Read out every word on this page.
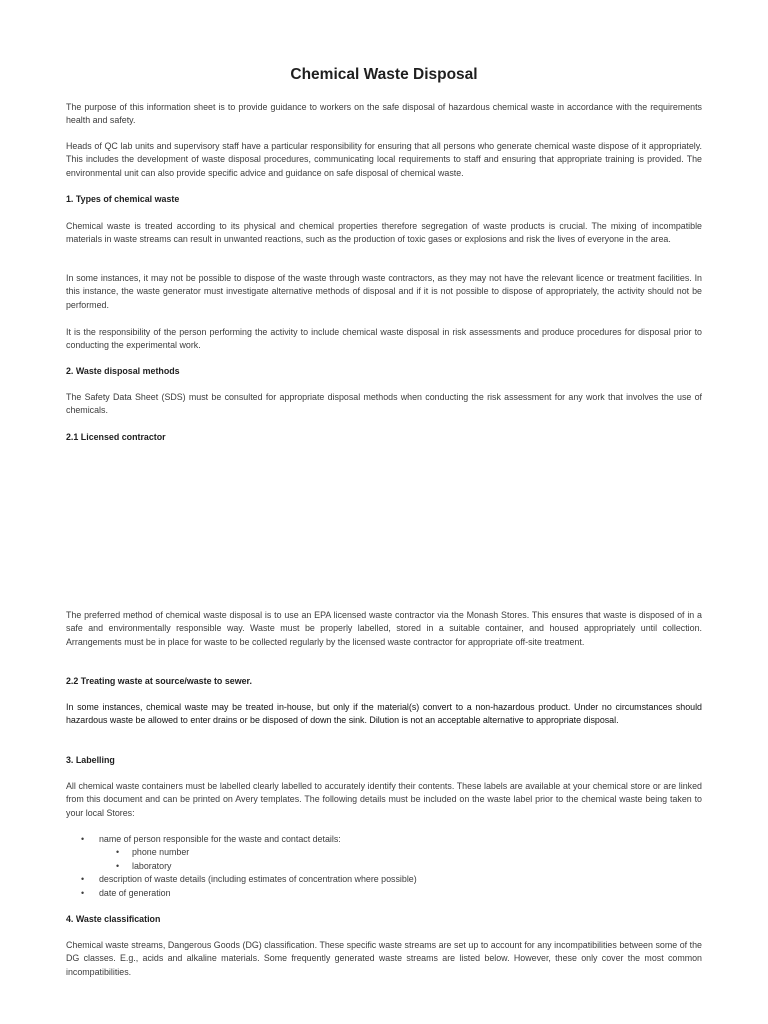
Chemical Waste Disposal

The purpose of this information sheet is to provide guidance to workers on the safe disposal of hazardous chemical waste in accordance with the requirements health and safety.

Heads of QC lab units and supervisory staff have a particular responsibility for ensuring that all persons who generate chemical waste dispose of it appropriately. This includes the development of waste disposal procedures, communicating local requirements to staff and ensuring that appropriate training is provided. The environmental unit can also provide specific advice and guidance on safe disposal of chemical waste.

1. Types of chemical waste

Chemical waste is treated according to its physical and chemical properties therefore segregation of waste products is crucial. The mixing of incompatible materials in waste streams can result in unwanted reactions, such as the production of toxic gases or explosions and risk the lives of everyone in the area.

In some instances, it may not be possible to dispose of the waste through waste contractors, as they may not have the relevant licence or treatment facilities. In this instance, the waste generator must investigate alternative methods of disposal and if it is not possible to dispose of appropriately, the activity should not be performed.

It is the responsibility of the person performing the activity to include chemical waste disposal in risk assessments and produce procedures for disposal prior to conducting the experimental work.

2. Waste disposal methods

The Safety Data Sheet (SDS) must be consulted for appropriate disposal methods when conducting the risk assessment for any work that involves the use of chemicals.

2.1 Licensed contractor

The preferred method of chemical waste disposal is to use an EPA licensed waste contractor via the Monash Stores. This ensures that waste is disposed of in a safe and environmentally responsible way. Waste must be properly labelled, stored in a suitable container, and housed appropriately until collection. Arrangements must be in place for waste to be collected regularly by the licensed waste contractor for appropriate off-site treatment.

2.2 Treating waste at source/waste to sewer.

In some instances, chemical waste may be treated in-house, but only if the material(s) convert to a non-hazardous product. Under no circumstances should hazardous waste be allowed to enter drains or be disposed of down the sink. Dilution is not an acceptable alternative to appropriate disposal.

3. Labelling

All chemical waste containers must be labelled clearly labelled to accurately identify their contents. These labels are available at your chemical store or are linked from this document and can be printed on Avery templates. The following details must be included on the waste label prior to the chemical waste being taken to your local Stores:

• name of person responsible for the waste and contact details:
• phone number
• laboratory
• description of waste details (including estimates of concentration where possible)
• date of generation
4. Waste classification

Chemical waste streams, Dangerous Goods (DG) classification. These specific waste streams are set up to account for any incompatibilities between some of the DG classes. E.g., acids and alkaline materials. Some frequently generated waste streams are listed below. However, these only cover the most common incompatibilities.
